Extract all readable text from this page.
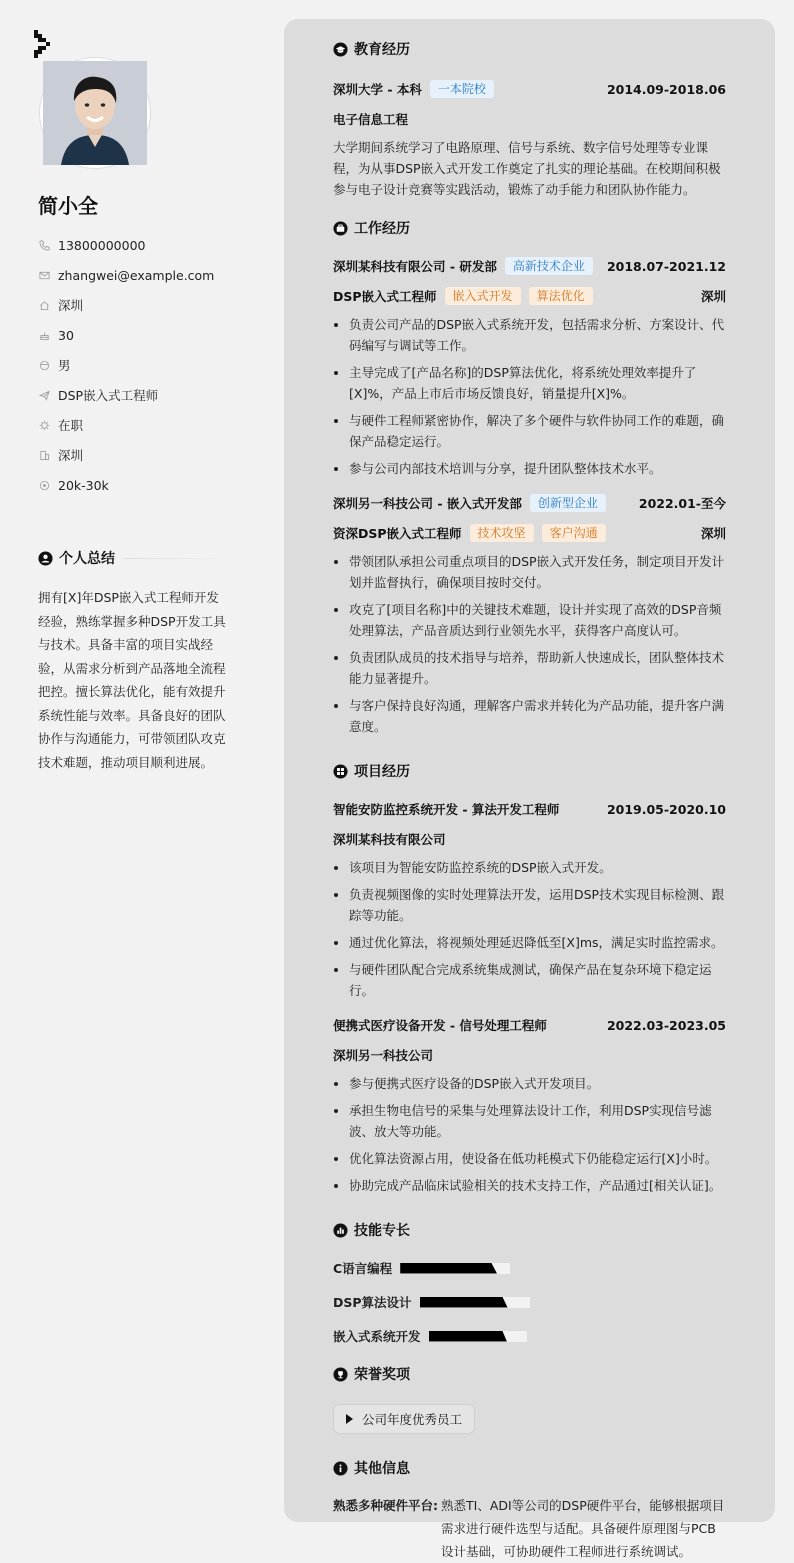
简小全
13800000000
zhangwei@example.com
深圳
30
男
DSP嵌入式工程师
在职
深圳
20k-30k
个人总结
拥有[X]年DSP嵌入式工程师开发经验，熟练掌握多种DSP开发工具与技术。具备丰富的项目实战经验，从需求分析到产品落地全流程把控。擅长算法优化，能有效提升系统性能与效率。具备良好的团队协作与沟通能力，可带领团队攻克技术难题，推动项目顺利进展。
教育经历
深圳大学 - 本科	一本院校	2014.09-2018.06
电子信息工程
大学期间系统学习了电路原理、信号与系统、数字信号处理等专业课程，为从事DSP嵌入式开发工作奠定了扎实的理论基础。在校期间积极参与电子设计竞赛等实践活动，锻炼了动手能力和团队协作能力。
工作经历
深圳某科技有限公司 - 研发部	高新技术企业	2018.07-2021.12
DSP嵌入式工程师	嵌入式开发	算法优化	深圳
负责公司产品的DSP嵌入式系统开发，包括需求分析、方案设计、代码编写与调试等工作。
主导完成了[产品名称]的DSP算法优化，将系统处理效率提升了[X]%，产品上市后市场反馈良好，销量提升[X]%。
与硬件工程师紧密协作，解决了多个硬件与软件协同工作的难题，确保产品稳定运行。
参与公司内部技术培训与分享，提升团队整体技术水平。
深圳另一科技公司 - 嵌入式开发部	创新型企业	2022.01-至今
资深DSP嵌入式工程师	技术攻坚	客户沟通	深圳
带领团队承担公司重点项目的DSP嵌入式开发任务，制定项目开发计划并监督执行，确保项目按时交付。
攻克了[项目名称]中的关键技术难题，设计并实现了高效的DSP音频处理算法，产品音质达到行业领先水平，获得客户高度认可。
负责团队成员的技术指导与培养，帮助新人快速成长，团队整体技术能力显著提升。
与客户保持良好沟通，理解客户需求并转化为产品功能，提升客户满意度。
项目经历
智能安防监控系统开发 - 算法开发工程师	2019.05-2020.10
深圳某科技有限公司
该项目为智能安防监控系统的DSP嵌入式开发。
负责视频图像的实时处理算法开发，运用DSP技术实现目标检测、跟踪等功能。
通过优化算法，将视频处理延迟降低至[X]ms，满足实时监控需求。
与硬件团队配合完成系统集成测试，确保产品在复杂环境下稳定运行。
便携式医疗设备开发 - 信号处理工程师	2022.03-2023.05
深圳另一科技公司
参与便携式医疗设备的DSP嵌入式开发项目。
承担生物电信号的采集与处理算法设计工作，利用DSP实现信号滤波、放大等功能。
优化算法资源占用，使设备在低功耗模式下仍能稳定运行[X]小时。
协助完成产品临床试验相关的技术支持工作，产品通过[相关认证]。
技能专长
C语言编程
DSP算法设计
嵌入式系统开发
荣誉奖项
公司年度优秀员工
其他信息
熟悉多种硬件平台: 熟悉TI、ADI等公司的DSP硬件平台，能够根据项目需求进行硬件选型与适配。具备硬件原理图与PCB设计基础，可协助硬件工程师进行系统调试。
